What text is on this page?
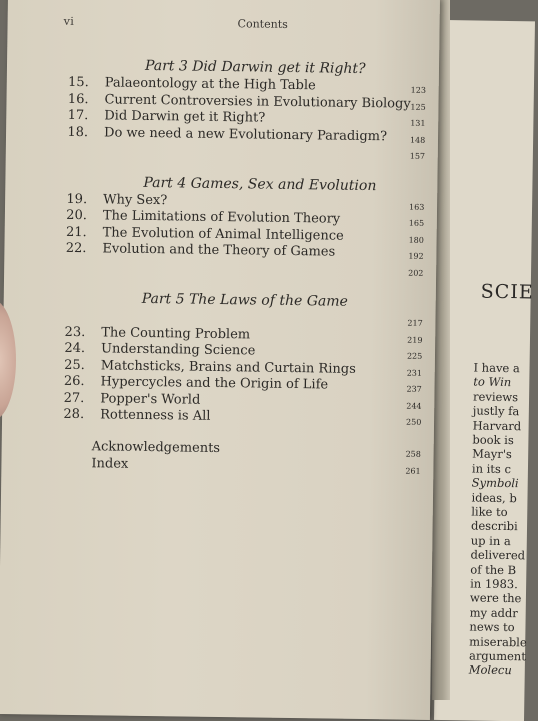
SCIE
I have a
to Win
reviews
justly fa
Harvard
book is
Mayr's
in its c
Symboli
ideas, b
like to
describi
up in a
delivered
of the B
in 1983.
were the
my addr
news to
miserable
argument
Molecu
vi	Contents
Part 3 Did Darwin get it Right?
15. Palaeontology at the High Table	123
16. Current Controversies in Evolutionary Biology 125
17. Did Darwin get it Right?	131
18. Do we need a new Evolutionary Paradigm?	148
157
Part 4 Games, Sex and Evolution
19. Why Sex?	163
20. The Limitations of Evolution Theory	165
21. The Evolution of Animal Intelligence	180
22. Evolution and the Theory of Games	192
202
Part 5 The Laws of the Game
217
23. The Counting Problem	219
24. Understanding Science	225
25. Matchsticks, Brains and Curtain Rings	231
26. Hypercycles and the Origin of Life	237
27. Popper's World	244
28. Rottenness is All	250
Acknowledgements	258
Index	261
